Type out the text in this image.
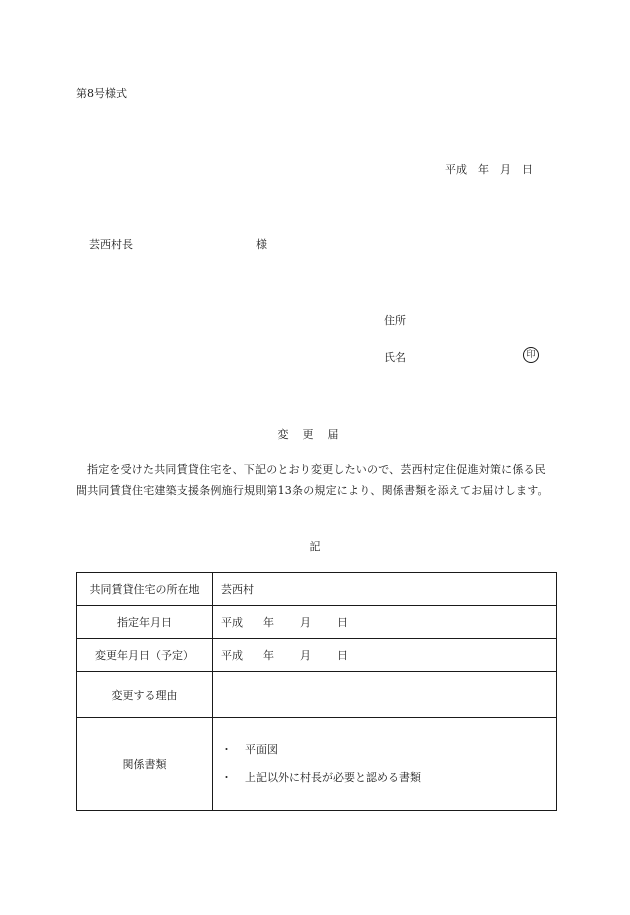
第8号様式
平成　年　月　日
芸西村長	様
住所
氏名	印
変更届
指定を受けた共同賃貸住宅を、下記のとおり変更したいので、芸西村定住促進対策に係る民間共同賃貸住宅建築支援条例施行規則第13条の規定により、関係書類を添えてお届けします。
記
共同賃貸住宅の所在地	芸西村
指定年月日	平成 年 月 日
変更年月日（予定）	平成 年 月 日
変更する理由	
関係書類	・ 平面図
・ 上記以外に村長が必要と認める書類
